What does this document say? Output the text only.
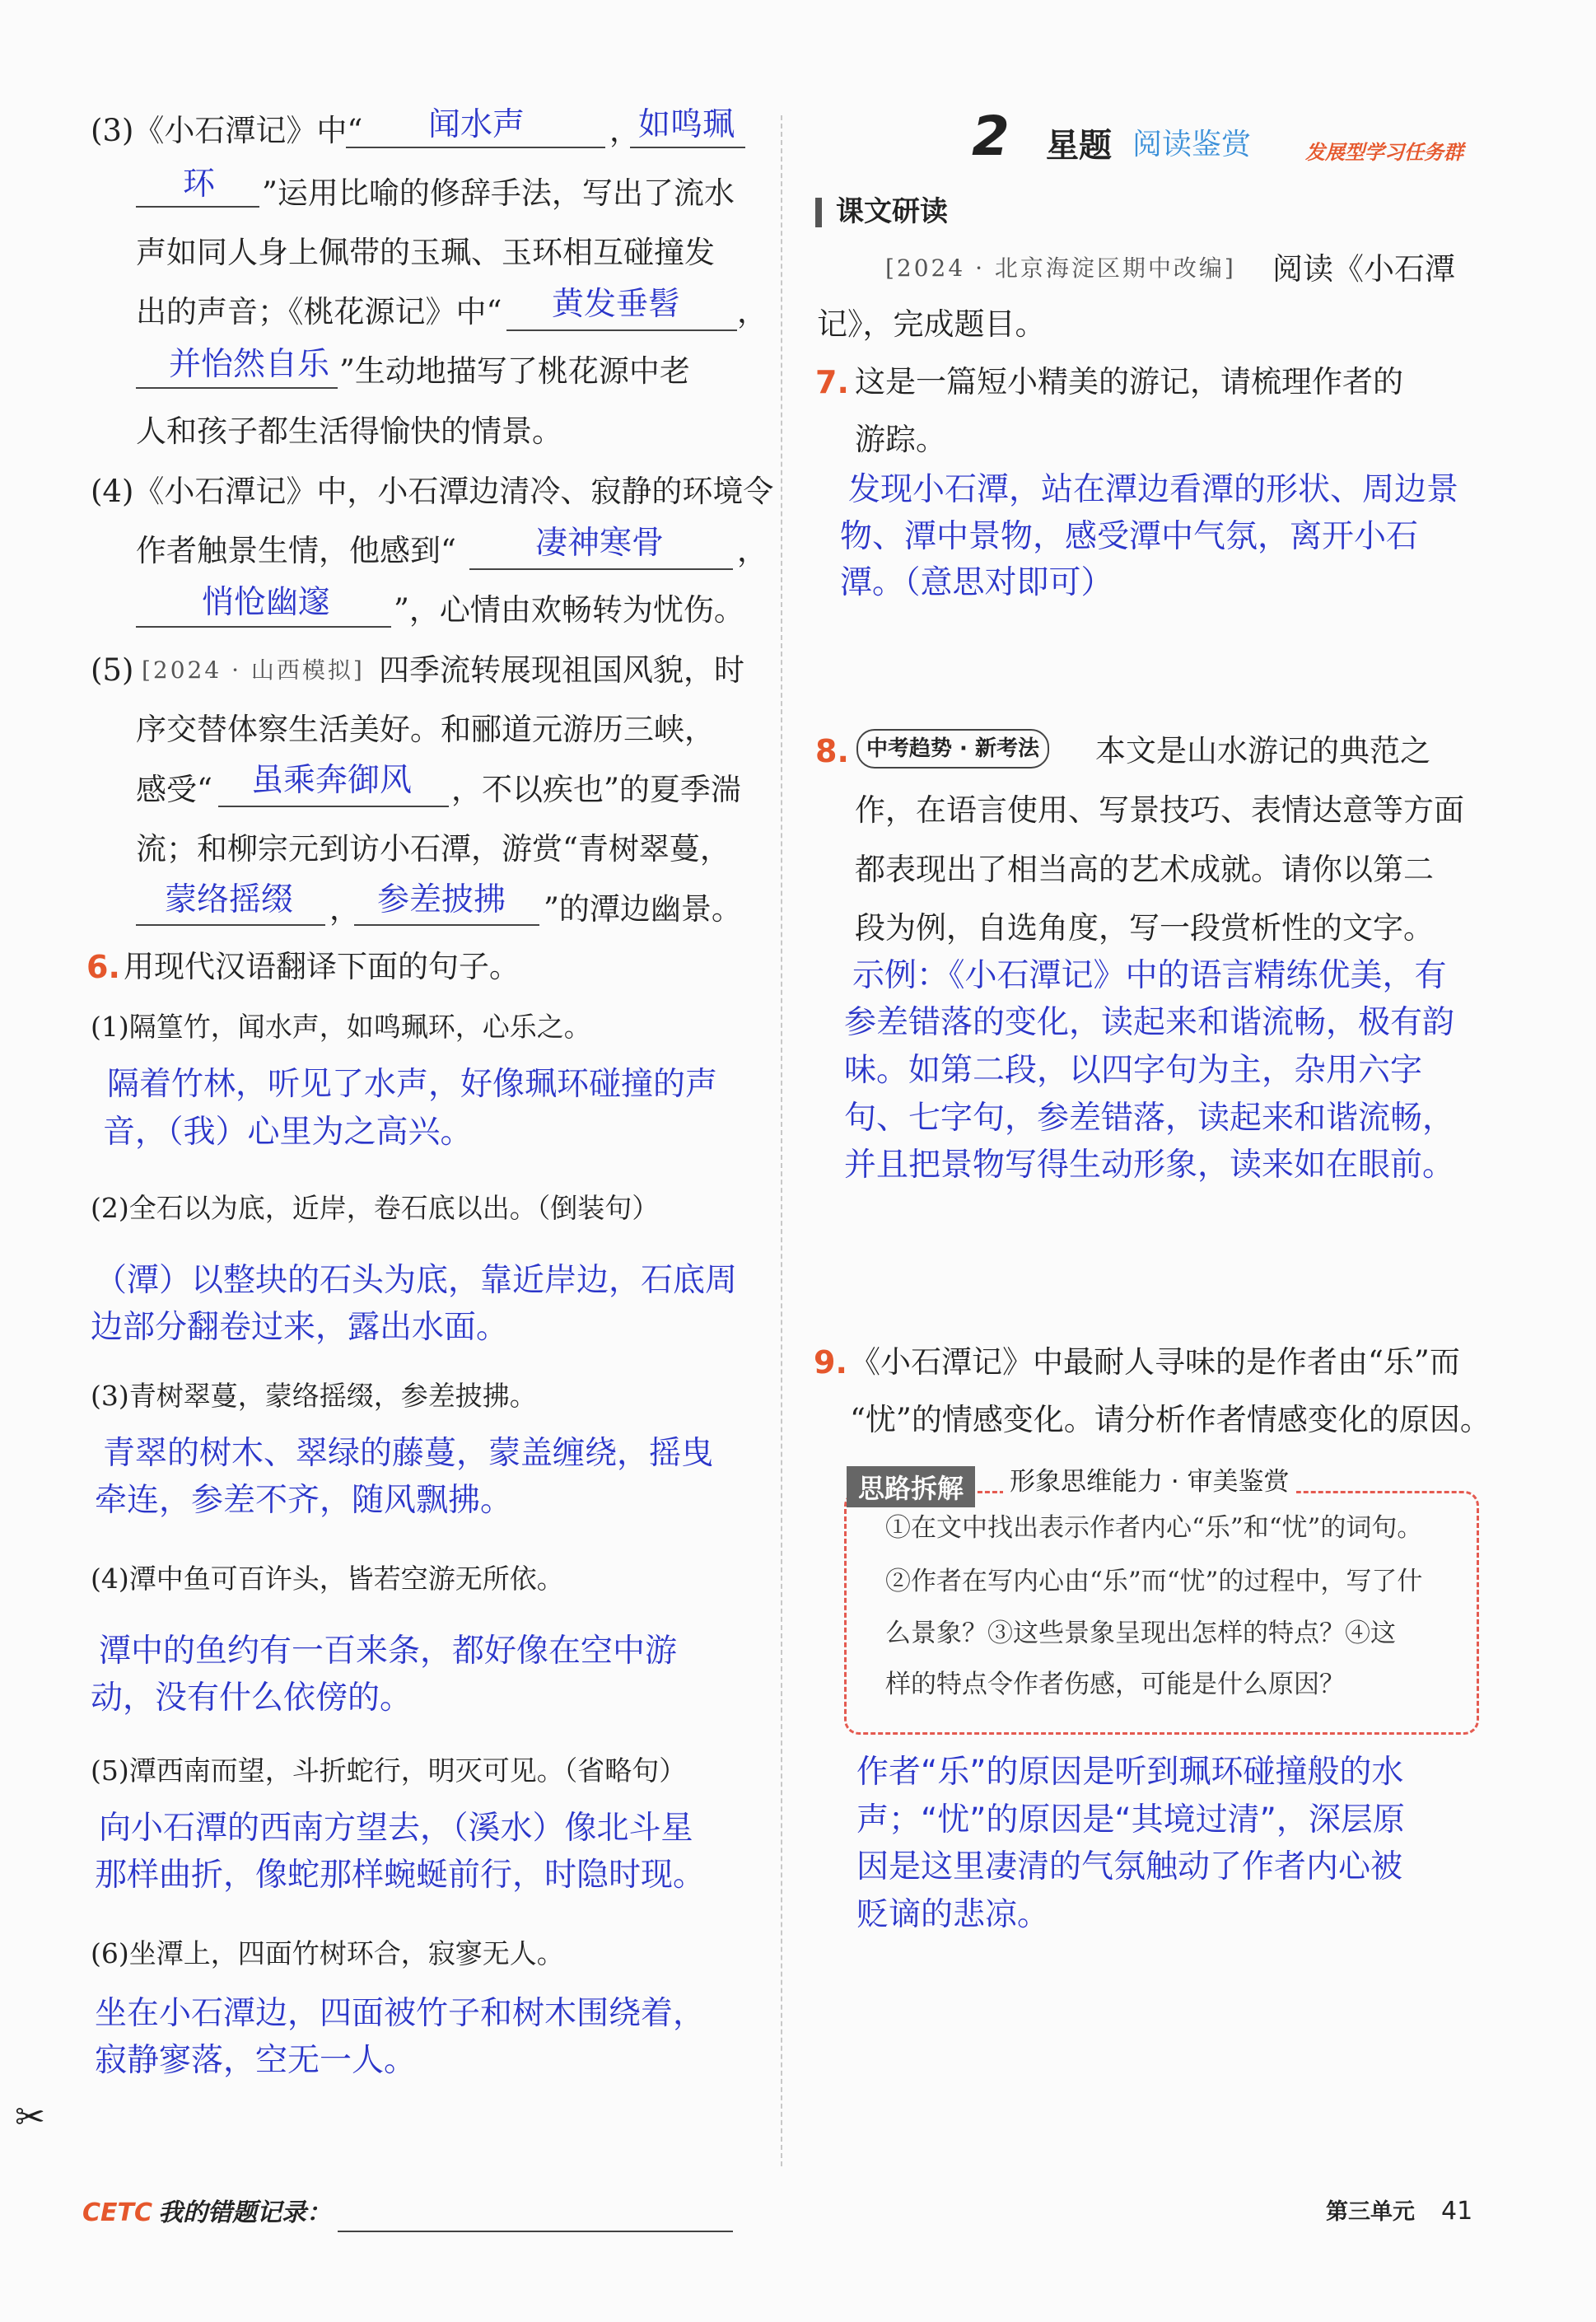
2 星题 阅读鉴赏	发展型学习任务群
(3)《小石潭记》中“ 闻水声	，
如鸣珮
环 ”运用比喻的修辞手法，写出了流水
声如同人身上佩带的玉珮、玉环相互碰撞发
出的声音；《桃花源记》中“ 黄发垂髫 ，
并怡然自乐 ”生动地描写了桃花源中老
人和孩子都生活得愉快的情景。
(4)《小石潭记》中，小石潭边清冷、寂静的环境令
作者触景生情，他感到“ 凄神寒骨 ，
悄怆幽邃 ”，心情由欢畅转为忧伤。
(5) [2024 · 山西模拟] 四季流转展现祖国风貌，时
序交替体察生活美好。和郦道元游历三峡，
感受“ 虽乘奔御风 ，不以疾也”的夏季湍
流；和柳宗元到访小石潭，游赏“青树翠蔓，
蒙络摇缀 ， 参差披拂 ”的潭边幽景。
6. 用现代汉语翻译下面的句子。
(1)隔篁竹，闻水声，如鸣珮环，心乐之。
隔着竹林，听见了水声，好像珮环碰撞的声
音，（我）心里为之高兴。
(2)全石以为底，近岸，卷石底以出。（倒装句）
（潭）以整块的石头为底，靠近岸边，石底周
边部分翻卷过来，露出水面。
(3)青树翠蔓，蒙络摇缀，参差披拂。
青翠的树木、翠绿的藤蔓，蒙盖缠绕，摇曳
牵连，参差不齐，随风飘拂。
(4)潭中鱼可百许头，皆若空游无所依。
潭中的鱼约有一百来条，都好像在空中游
动，没有什么依傍的。
(5)潭西南而望，斗折蛇行，明灭可见。（省略句）
向小石潭的西南方望去，（溪水）像北斗星
那样曲折，像蛇那样蜿蜒前行，时隐时现。
(6)坐潭上，四面竹树环合，寂寥无人。
坐在小石潭边，四面被竹子和树木围绕着，
寂静寥落，空无一人。
课文研读
[2024 · 北京海淀区期中改编] 阅读《小石潭
记》，完成题目。
7. 这是一篇短小精美的游记，请梳理作者的
游踪。
发现小石潭，站在潭边看潭的形状、周边景
物、潭中景物，感受潭中气氛，离开小石
潭。（意思对即可）
8. 中考趋势 · 新考法	本文是山水游记的典范之
作，在语言使用、写景技巧、表情达意等方面
都表现出了相当高的艺术成就。请你以第二
段为例，自选角度，写一段赏析性的文字。
示例：《小石潭记》中的语言精练优美，有
参差错落的变化，读起来和谐流畅，极有韵
味。如第二段，以四字句为主，杂用六字
句、七字句，参差错落，读起来和谐流畅，
并且把景物写得生动形象，读来如在眼前。
9. 《小石潭记》中最耐人寻味的是作者由“乐”而
“忧”的情感变化。请分析作者情感变化的原因。
思路拆解	形象思维能力 · 审美鉴赏
①在文中找出表示作者内心“乐”和“忧”的词句。
②作者在写内心由“乐”而“忧”的过程中，写了什
么景象？③这些景象呈现出怎样的特点？④这
样的特点令作者伤感，可能是什么原因？
作者“乐”的原因是听到珮环碰撞般的水
声；“忧”的原因是“其境过清”，深层原
因是这里凄清的气氛触动了作者内心被
贬谪的悲凉。
✂
CETC 我的错题记录：	第三单元 41
